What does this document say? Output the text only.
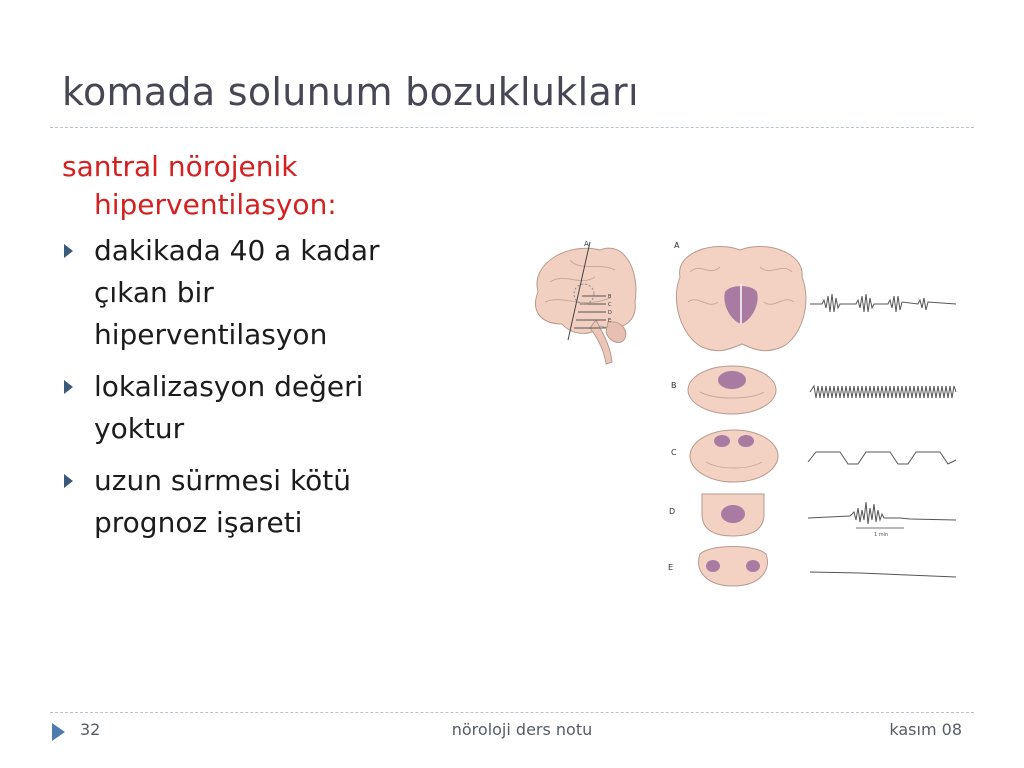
komada solunum bozuklukları
santral nörojenik hiperventilasyon:
dakikada 40 a kadar çıkan bir hiperventilasyon
lokalizasyon değeri yoktur
uzun sürmesi kötü prognoz işareti
A
B
C
D
E
A
B
C
D
E
1 min
32	nöroloji ders notu	kasım 08
